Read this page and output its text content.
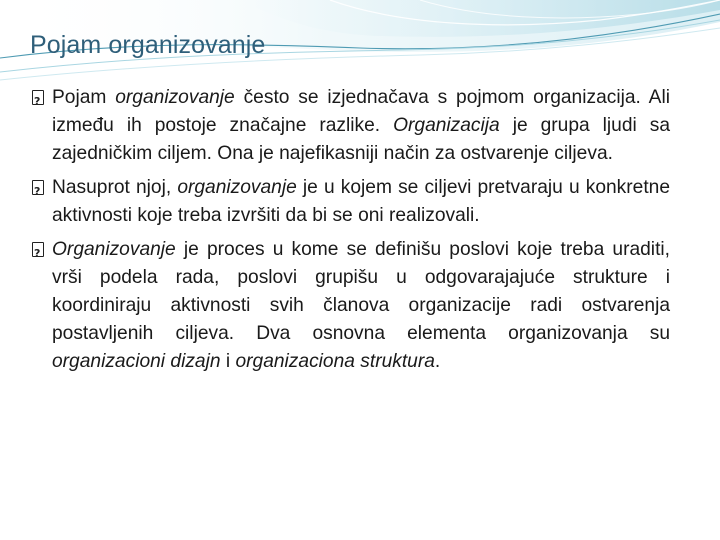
Pojam organizovanje

?Pojam organizovanje često se izjednačava s pojmom organizacija. Ali između ih postoje značajne razlike. Organizacija je grupa ljudi sa zajedničkim ciljem. Ona je najefikasniji način za ostvarenje ciljeva.

?Nasuprot njoj, organizovanje je u kojem se ciljevi pretvaraju u konkretne aktivnosti koje treba izvršiti da bi se oni realizovali.

?Organizovanje je proces u kome se definišu poslovi koje treba uraditi, vrši podela rada, poslovi grupišu u odgovarajajuće strukture i koordiniraju aktivnosti svih članova organizacije radi ostvarenja postavljenih ciljeva. Dva osnovna elementa organizovanja su organizacioni dizajn i organizaciona struktura.
